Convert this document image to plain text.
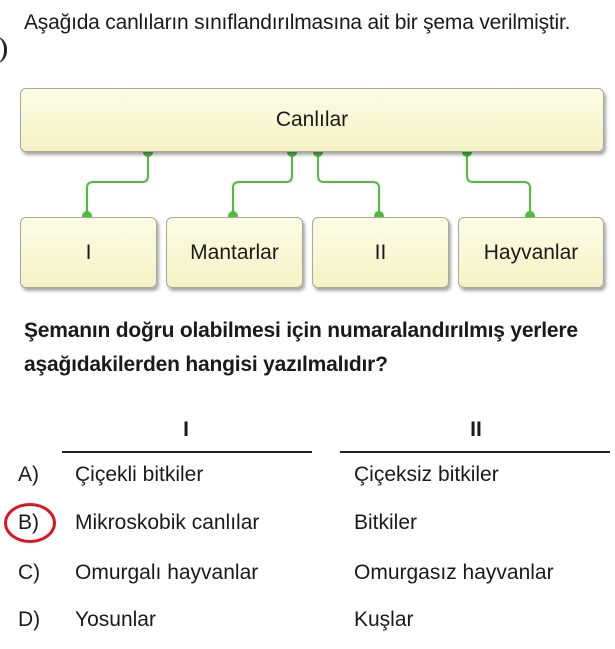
Aşağıda canlıların sınıflandırılmasına ait bir şema verilmiştir.
Canlılar
I	Mantarlar	II	Hayvanlar
Şemanın doğru olabilmesi için numaralandırılmış yerlere aşağıdakilerden hangisi yazılmalıdır?
I	II
A) Çiçekli bitkiler	Çiçeksiz bitkiler
B) Mikroskobik canlılar	Bitkiler
C) Omurgalı hayvanlar	Omurgasız hayvanlar
D) Yosunlar	Kuşlar
